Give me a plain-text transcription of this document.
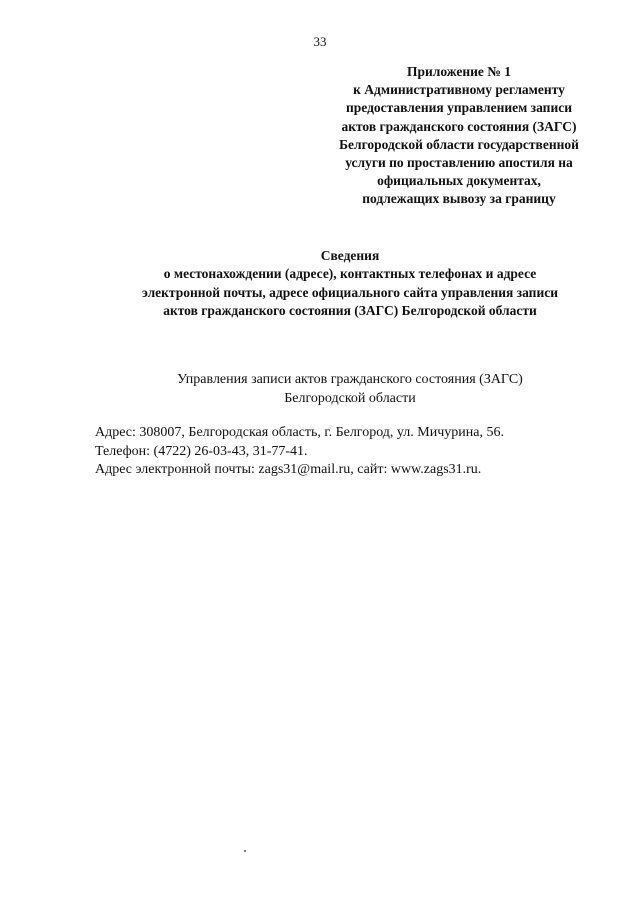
33
Приложение № 1
к Административному регламенту
предоставления управлением записи
актов гражданского состояния (ЗАГС)
Белгородской области государственной
услуги по проставлению апостиля на
официальных документах,
подлежащих вывозу за границу
Сведения
о местонахождении (адресе), контактных телефонах и адресе
электронной почты, адресе официального сайта управления записи
актов гражданского состояния (ЗАГС) Белгородской области
Управления записи актов гражданского состояния (ЗАГС)
Белгородской области
Адрес: 308007, Белгородская область, г. Белгород, ул. Мичурина, 56.
Телефон: (4722) 26-03-43, 31-77-41.
Адрес электронной почты: zags31@mail.ru, сайт: www.zags31.ru.
